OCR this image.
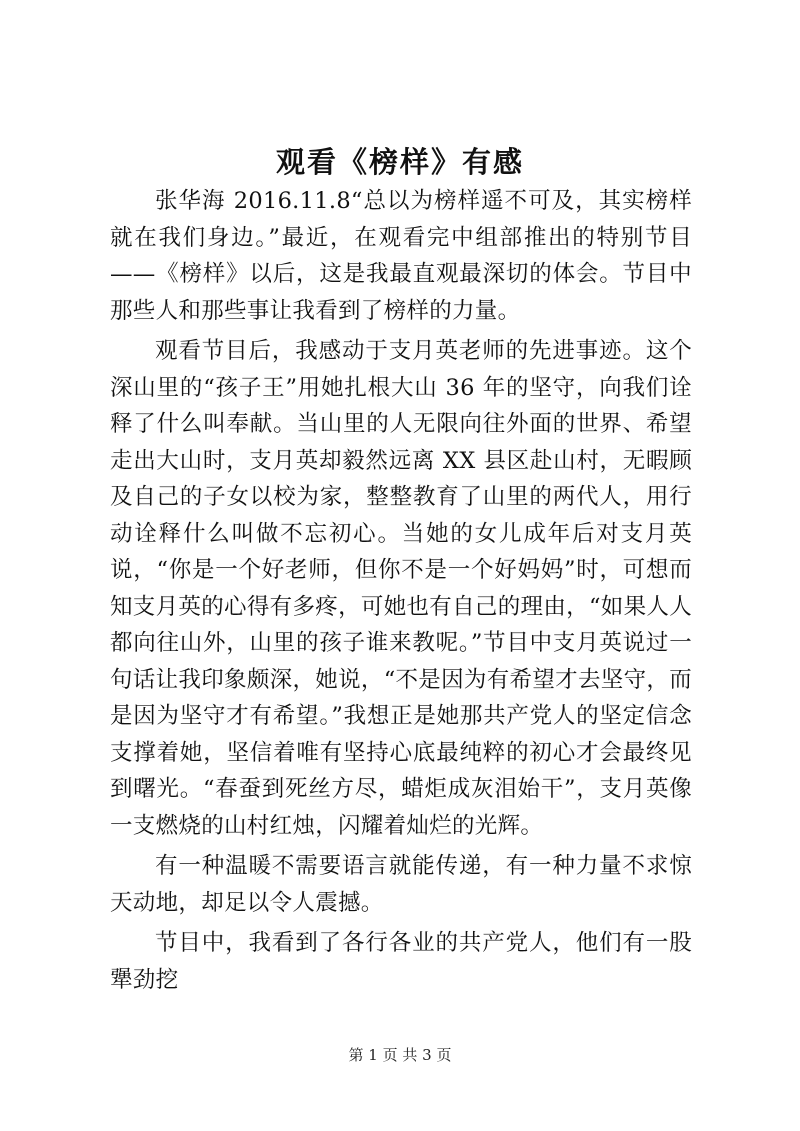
观看《榜样》有感

张华海 2016.11.8“总以为榜样遥不可及，其实榜样就在我们身边。”最近，在观看完中组部推出的特别节目——《榜样》以后，这是我最直观最深切的体会。节目中那些人和那些事让我看到了榜样的力量。

观看节目后，我感动于支月英老师的先进事迹。这个深山里的“孩子王”用她扎根大山 36 年的坚守，向我们诠释了什么叫奉献。当山里的人无限向往外面的世界、希望走出大山时，支月英却毅然远离 XX 县区赴山村，无暇顾及自己的子女以校为家，整整教育了山里的两代人，用行动诠释什么叫做不忘初心。当她的女儿成年后对支月英说，“你是一个好老师，但你不是一个好妈妈”时，可想而知支月英的心得有多疼，可她也有自己的理由，“如果人人都向往山外，山里的孩子谁来教呢。”节目中支月英说过一句话让我印象颇深，她说，“不是因为有希望才去坚守，而是因为坚守才有希望。”我想正是她那共产党人的坚定信念支撑着她，坚信着唯有坚持心底最纯粹的初心才会最终见到曙光。“春蚕到死丝方尽，蜡炬成灰泪始干”，支月英像一支燃烧的山村红烛，闪耀着灿烂的光辉。

有一种温暖不需要语言就能传递，有一种力量不求惊天动地，却足以令人震撼。

节目中，我看到了各行各业的共产党人，他们有一股犟劲挖

第 1 页 共 3 页
